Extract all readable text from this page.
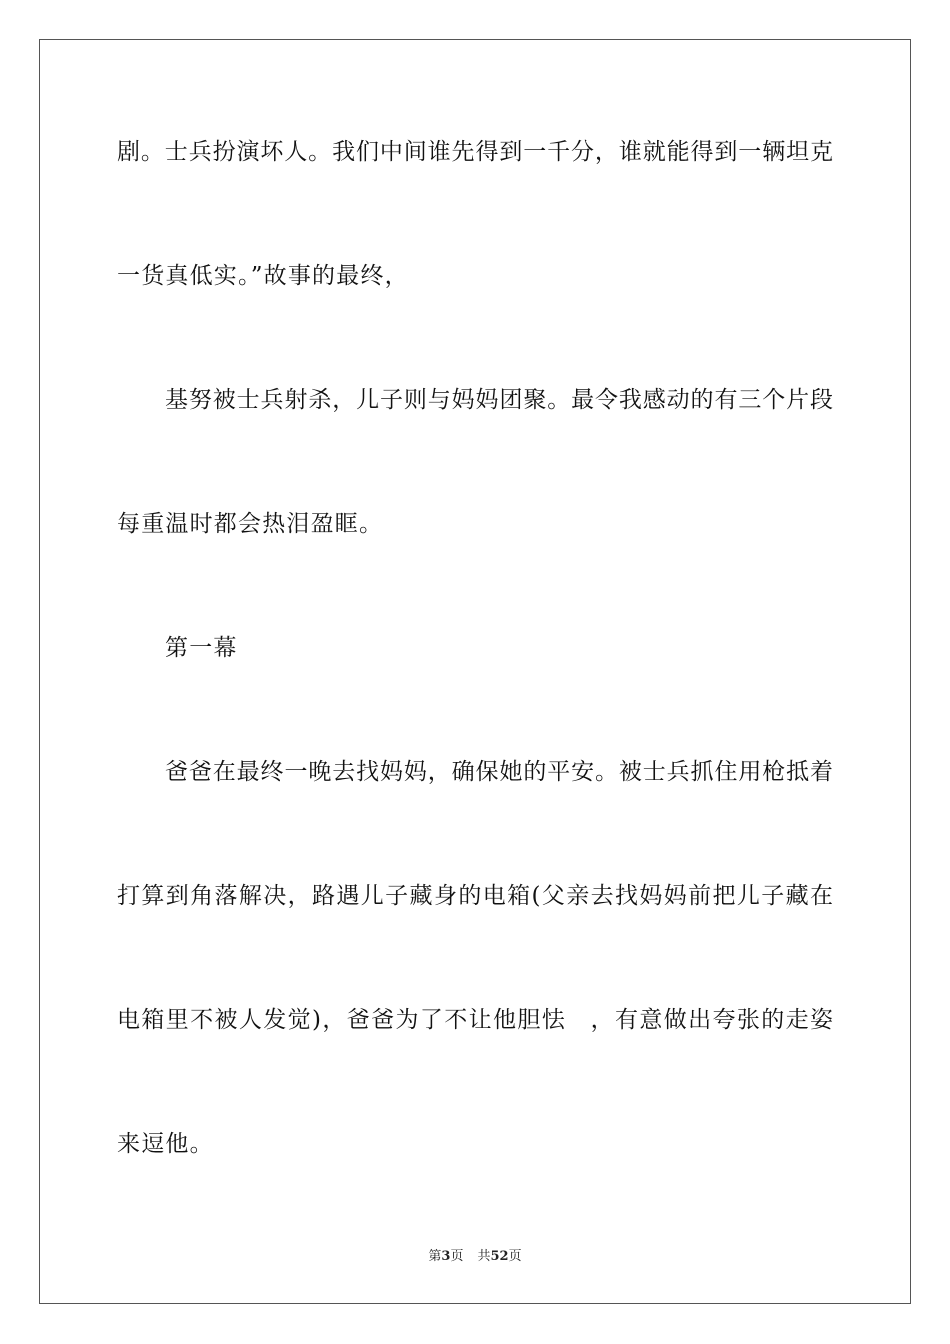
剧。士兵扮演坏人。我们中间谁先得到一千分，谁就能得到一辆坦克
一货真低实。”故事的最终，
基努被士兵射杀，儿子则与妈妈团聚。最令我感动的有三个片段
每重温时都会热泪盈眶。
第一幕
爸爸在最终一晚去找妈妈，确保她的平安。被士兵抓住用枪抵着
打算到角落解决，路遇儿子藏身的电箱(父亲去找妈妈前把儿子藏在
电箱里不被人发觉)，爸爸为了不让他胆怯　，有意做出夸张的走姿
来逗他。
第3页 共52页
